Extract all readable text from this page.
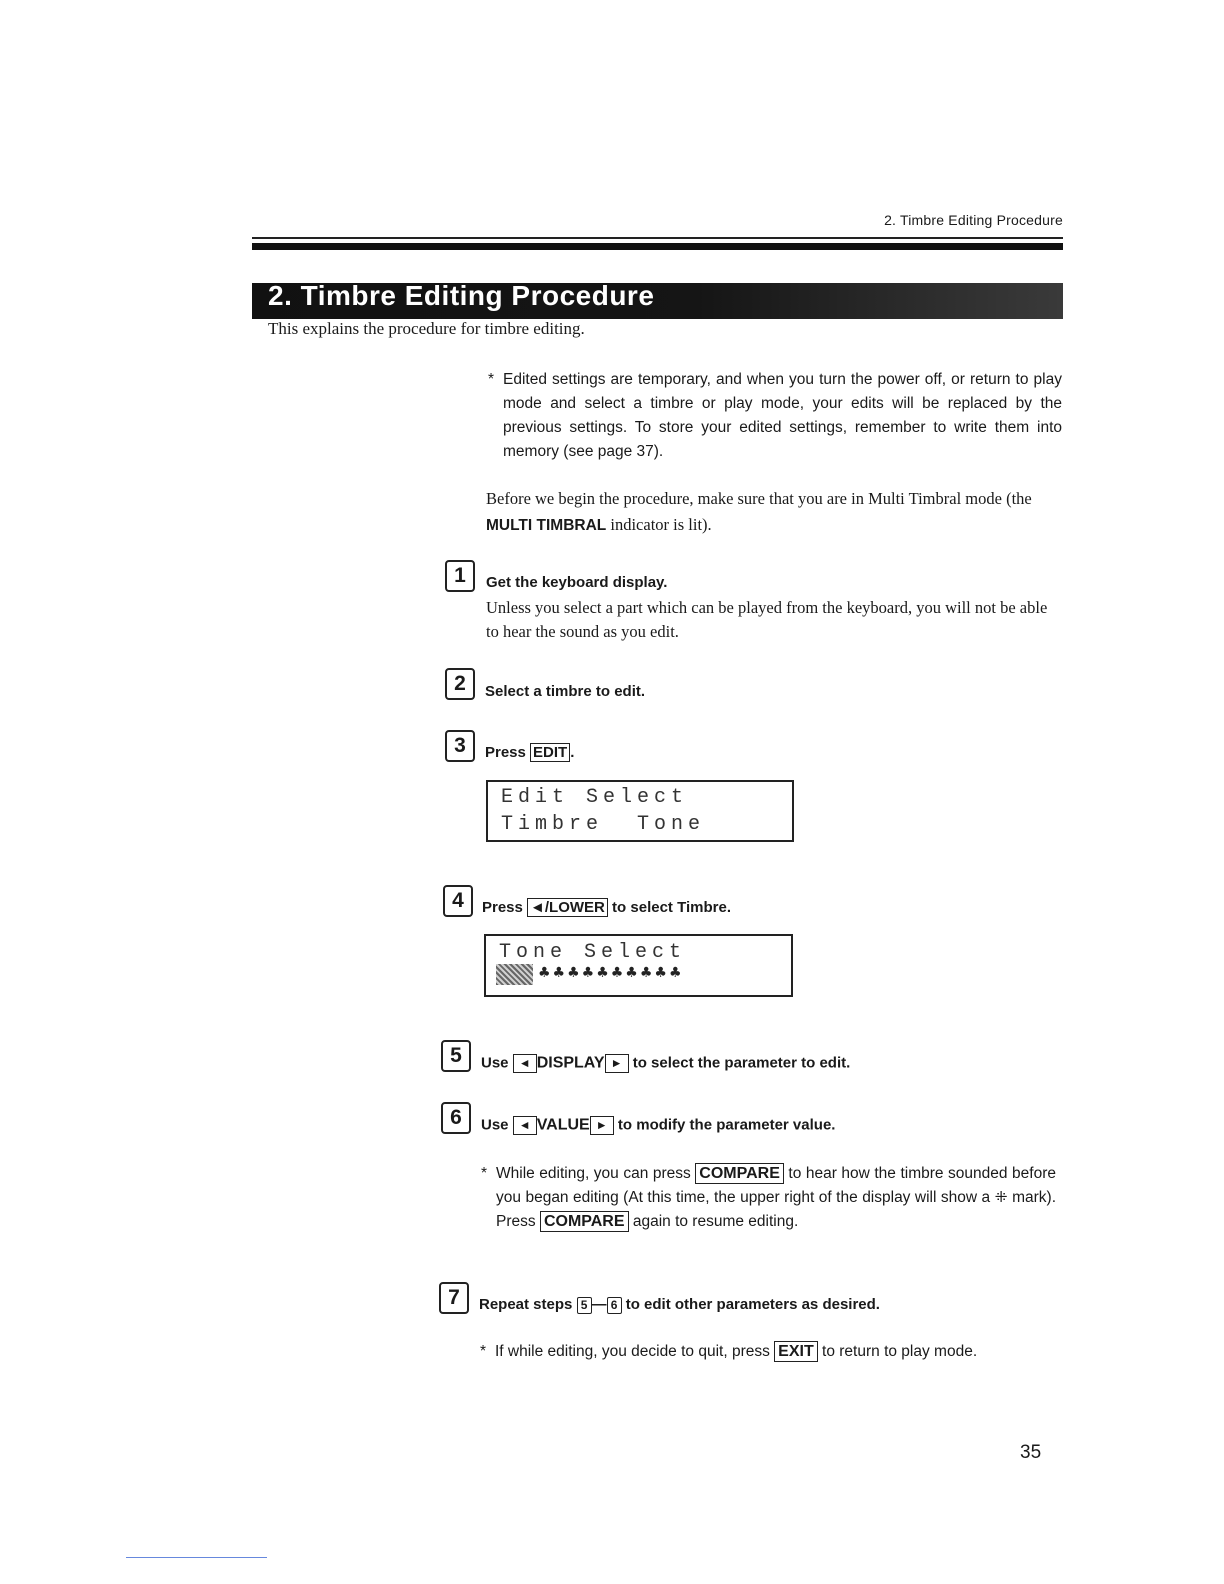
2. Timbre Editing Procedure
2. Timbre Editing Procedure
This explains the procedure for timbre editing.
* Edited settings are temporary, and when you turn the power off, or return to play mode and select a timbre or play mode, your edits will be replaced by the previous settings. To store your edited settings, remember to write them into memory (see page 37).
Before we begin the procedure, make sure that you are in Multi Timbral mode (the MULTI TIMBRAL indicator is lit).
1	Get the keyboard display.
Unless you select a part which can be played from the keyboard, you will not be able to hear the sound as you edit.
2	Select a timbre to edit.
3	Press EDIT .
Edit Select
Timbre  Tone
4	Press ◄/LOWER to select Timbre.
Tone Select
♣♣♣♣♣♣♣♣♣♣
5	Use ◄ DISPLAY ► to select the parameter to edit.
6	Use ◄ VALUE ► to modify the parameter value.
* While editing, you can press COMPARE to hear how the timbre sounded before you began editing (At this time, the upper right of the display will show a ⁜ mark). Press COMPARE again to resume editing.
7	Repeat steps 5 — 6 to edit other parameters as desired.
* If while editing, you decide to quit, press EXIT to return to play mode.
35
